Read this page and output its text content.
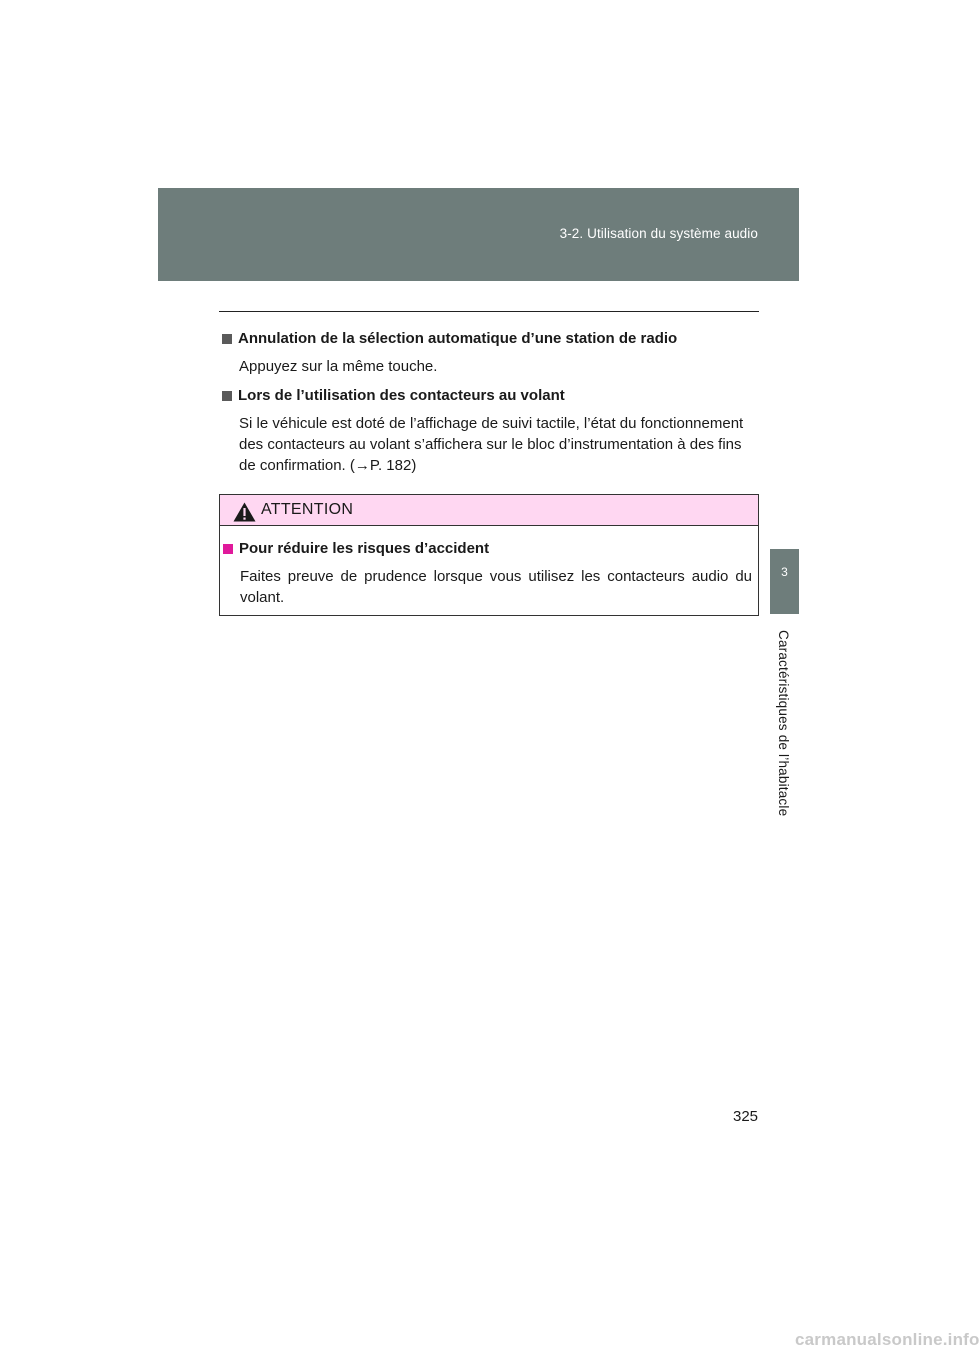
3-2. Utilisation du système audio
3
Caractéristiques de l’habitacle

Annulation de la sélection automatique d’une station de radio

Appuyez sur la même touche.

Lors de l’utilisation des contacteurs au volant

Si le véhicule est doté de l’affichage de suivi tactile, l’état du fonctionnement
des contacteurs au volant s’affichera sur le bloc d’instrumentation à des fins
de confirmation. (→P. 182)
ATTENTION
Pour réduire les risques d’accident
Faites preuve de prudence lorsque vous utilisez les contacteurs audio du volant.
325
carmanualsonline.info
